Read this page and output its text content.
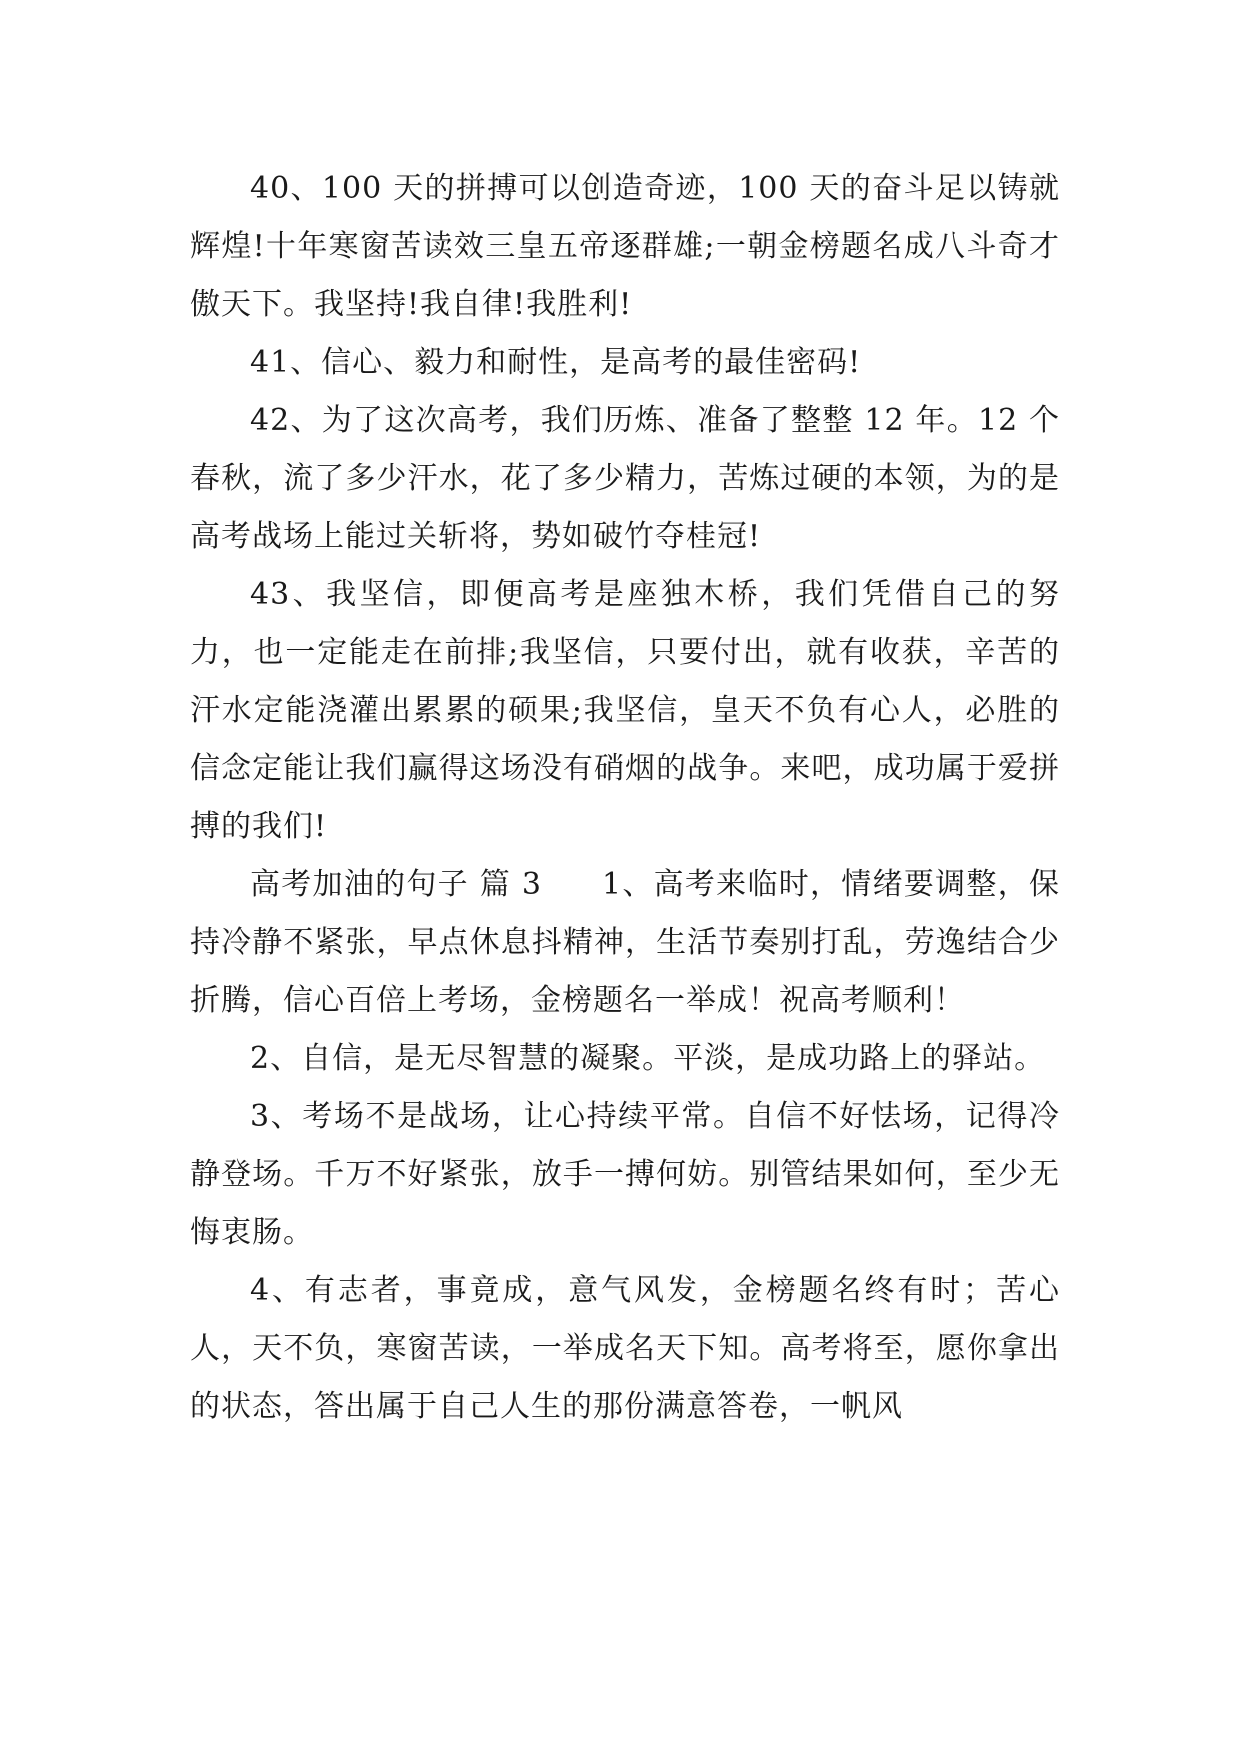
40、100 天的拼搏可以创造奇迹，100 天的奋斗足以铸就辉煌!十年寒窗苦读效三皇五帝逐群雄;一朝金榜题名成八斗奇才傲天下。我坚持!我自律!我胜利!

41、信心、毅力和耐性，是高考的最佳密码!

42、为了这次高考，我们历炼、准备了整整 12 年。12 个春秋，流了多少汗水，花了多少精力，苦炼过硬的本领，为的是高考战场上能过关斩将，势如破竹夺桂冠!

43、我坚信，即便高考是座独木桥，我们凭借自己的努力，也一定能走在前排;我坚信，只要付出，就有收获，辛苦的汗水定能浇灌出累累的硕果;我坚信，皇天不负有心人，必胜的信念定能让我们赢得这场没有硝烟的战争。来吧，成功属于爱拼搏的我们!

高考加油的句子 篇 3 1、高考来临时，情绪要调整，保持冷静不紧张，早点休息抖精神，生活节奏别打乱，劳逸结合少折腾，信心百倍上考场，金榜题名一举成！祝高考顺利！

2、自信，是无尽智慧的凝聚。平淡，是成功路上的驿站。

3、考场不是战场，让心持续平常。自信不好怯场，记得冷静登场。千万不好紧张，放手一搏何妨。别管结果如何，至少无悔衷肠。

4、有志者，事竟成，意气风发，金榜题名终有时；苦心人，天不负，寒窗苦读，一举成名天下知。高考将至，愿你拿出的状态，答出属于自己人生的那份满意答卷，一帆风
